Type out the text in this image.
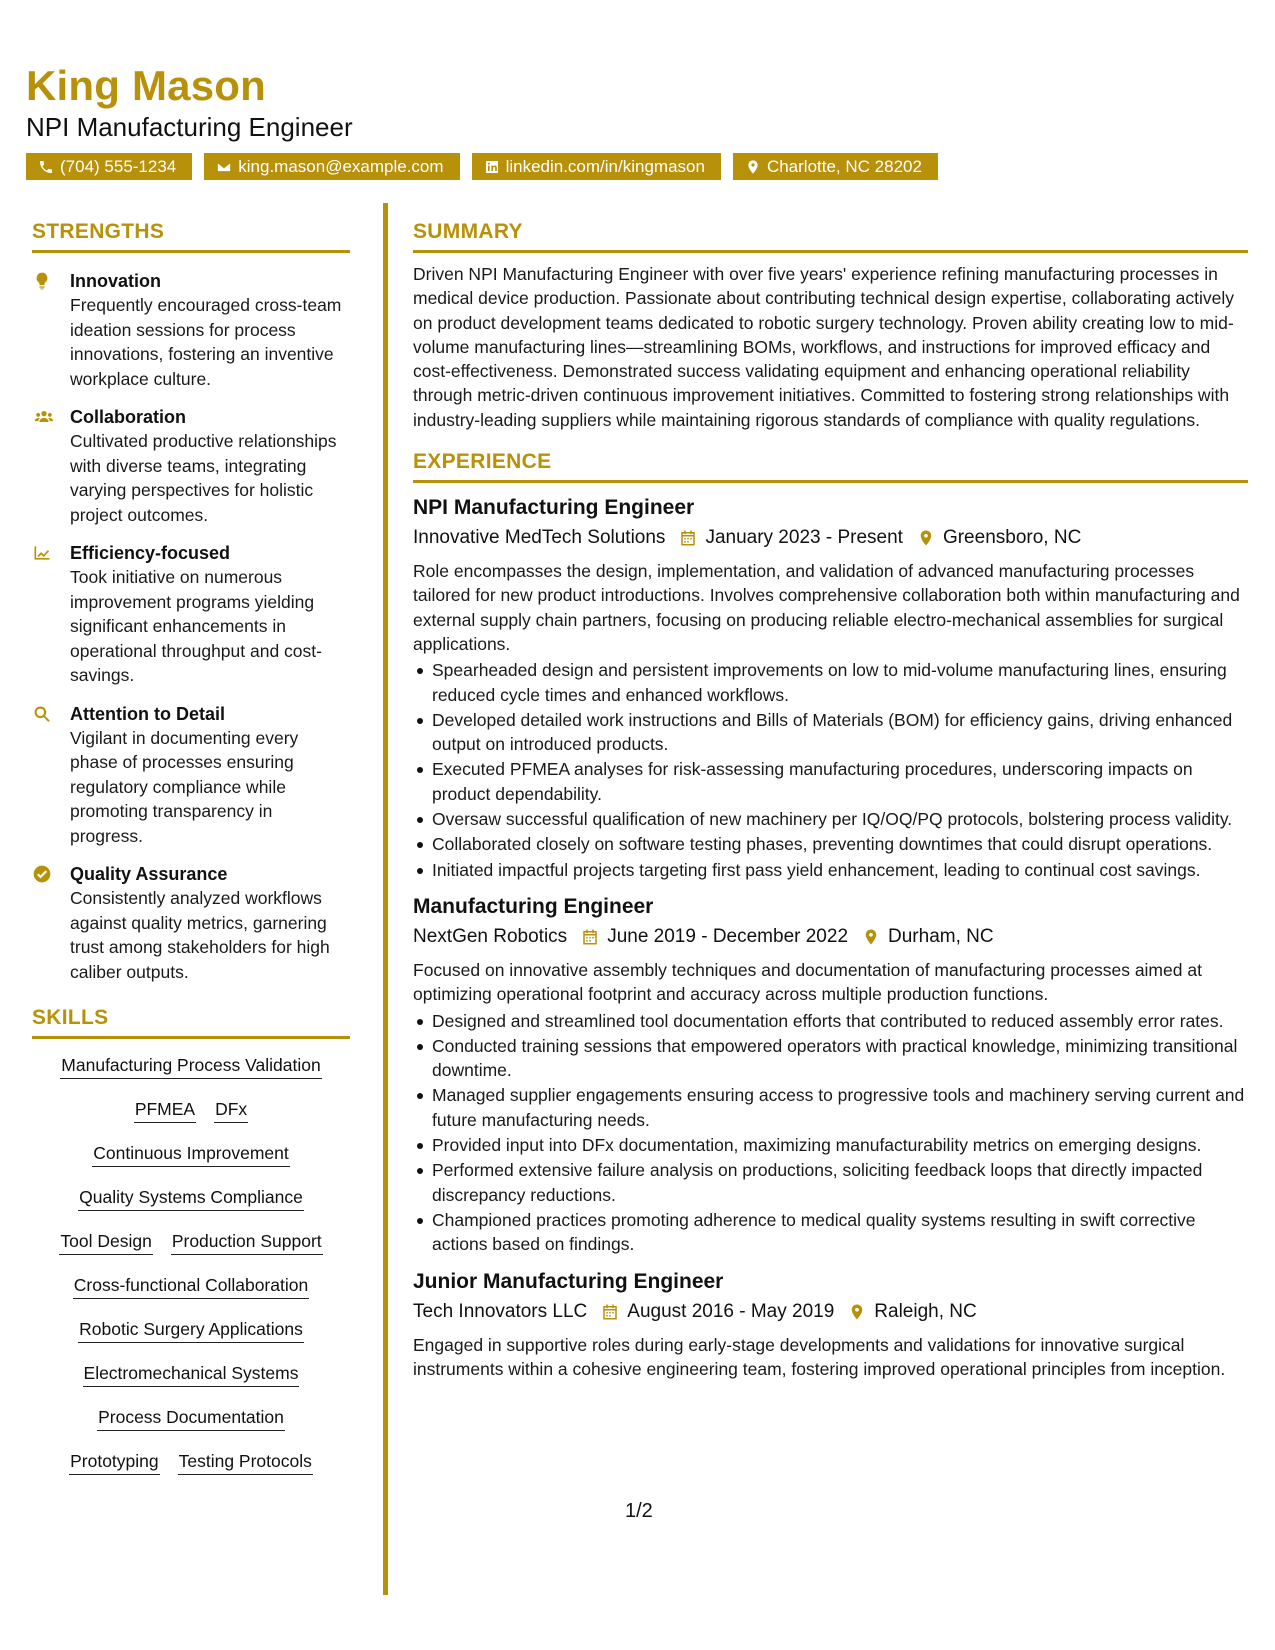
King Mason
NPI Manufacturing Engineer
(704) 555-1234	king.mason@example.com	linkedin.com/in/kingmason	Charlotte, NC 28202
STRENGTHS
Innovation
Frequently encouraged cross-team ideation sessions for process innovations, fostering an inventive workplace culture.
Collaboration
Cultivated productive relationships with diverse teams, integrating varying perspectives for holistic project outcomes.
Efficiency-focused
Took initiative on numerous improvement programs yielding significant enhancements in operational throughput and cost-savings.
Attention to Detail
Vigilant in documenting every phase of processes ensuring regulatory compliance while promoting transparency in progress.
Quality Assurance
Consistently analyzed workflows against quality metrics, garnering trust among stakeholders for high caliber outputs.
SKILLS
Manufacturing Process Validation
PFMEA DFx
Continuous Improvement
Quality Systems Compliance
Tool Design Production Support
Cross-functional Collaboration
Robotic Surgery Applications
Electromechanical Systems
Process Documentation
Prototyping Testing Protocols
SUMMARY
Driven NPI Manufacturing Engineer with over five years' experience refining manufacturing processes in medical device production. Passionate about contributing technical design expertise, collaborating actively on product development teams dedicated to robotic surgery technology. Proven ability creating low to mid-volume manufacturing lines—streamlining BOMs, workflows, and instructions for improved efficacy and cost-effectiveness. Demonstrated success validating equipment and enhancing operational reliability through metric-driven continuous improvement initiatives. Committed to fostering strong relationships with industry-leading suppliers while maintaining rigorous standards of compliance with quality regulations.
EXPERIENCE
NPI Manufacturing Engineer
Innovative MedTech Solutions January 2023 - Present Greensboro, NC
Role encompasses the design, implementation, and validation of advanced manufacturing processes tailored for new product introductions. Involves comprehensive collaboration both within manufacturing and external supply chain partners, focusing on producing reliable electro-mechanical assemblies for surgical applications.
Spearheaded design and persistent improvements on low to mid-volume manufacturing lines, ensuring reduced cycle times and enhanced workflows.
Developed detailed work instructions and Bills of Materials (BOM) for efficiency gains, driving enhanced output on introduced products.
Executed PFMEA analyses for risk-assessing manufacturing procedures, underscoring impacts on product dependability.
Oversaw successful qualification of new machinery per IQ/OQ/PQ protocols, bolstering process validity.
Collaborated closely on software testing phases, preventing downtimes that could disrupt operations.
Initiated impactful projects targeting first pass yield enhancement, leading to continual cost savings.
Manufacturing Engineer
NextGen Robotics June 2019 - December 2022 Durham, NC
Focused on innovative assembly techniques and documentation of manufacturing processes aimed at optimizing operational footprint and accuracy across multiple production functions.
Designed and streamlined tool documentation efforts that contributed to reduced assembly error rates.
Conducted training sessions that empowered operators with practical knowledge, minimizing transitional downtime.
Managed supplier engagements ensuring access to progressive tools and machinery serving current and future manufacturing needs.
Provided input into DFx documentation, maximizing manufacturability metrics on emerging designs.
Performed extensive failure analysis on productions, soliciting feedback loops that directly impacted discrepancy reductions.
Championed practices promoting adherence to medical quality systems resulting in swift corrective actions based on findings.
Junior Manufacturing Engineer
Tech Innovators LLC August 2016 - May 2019 Raleigh, NC
Engaged in supportive roles during early-stage developments and validations for innovative surgical instruments within a cohesive engineering team, fostering improved operational principles from inception.
1/2
